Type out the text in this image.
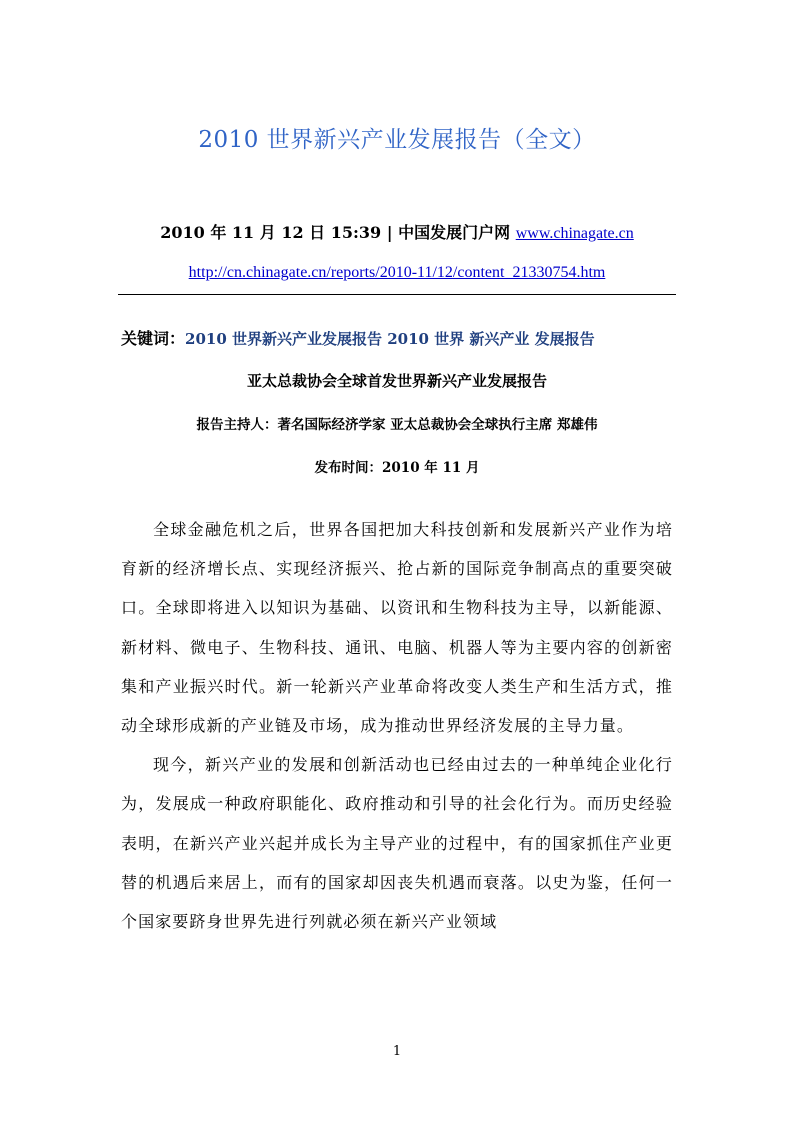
2010 世界新兴产业发展报告（全文）
2010 年 11 月 12 日 15:39 | 中国发展门户网 www.chinagate.cn
http://cn.chinagate.cn/reports/2010-11/12/content_21330754.htm
关键词：2010 世界新兴产业发展报告 2010 世界 新兴产业 发展报告
亚太总裁协会全球首发世界新兴产业发展报告
报告主持人：著名国际经济学家 亚太总裁协会全球执行主席 郑雄伟
发布时间：2010 年 11 月

全球金融危机之后，世界各国把加大科技创新和发展新兴产业作为培育新的经济增长点、实现经济振兴、抢占新的国际竞争制高点的重要突破口。全球即将进入以知识为基础、以资讯和生物科技为主导，以新能源、新材料、微电子、生物科技、通讯、电脑、机器人等为主要内容的创新密集和产业振兴时代。新一轮新兴产业革命将改变人类生产和生活方式，推动全球形成新的产业链及市场，成为推动世界经济发展的主导力量。

现今，新兴产业的发展和创新活动也已经由过去的一种单纯企业化行为，发展成一种政府职能化、政府推动和引导的社会化行为。而历史经验表明，在新兴产业兴起并成长为主导产业的过程中，有的国家抓住产业更替的机遇后来居上，而有的国家却因丧失机遇而衰落。以史为鉴，任何一个国家要跻身世界先进行列就必须在新兴产业领域

1
